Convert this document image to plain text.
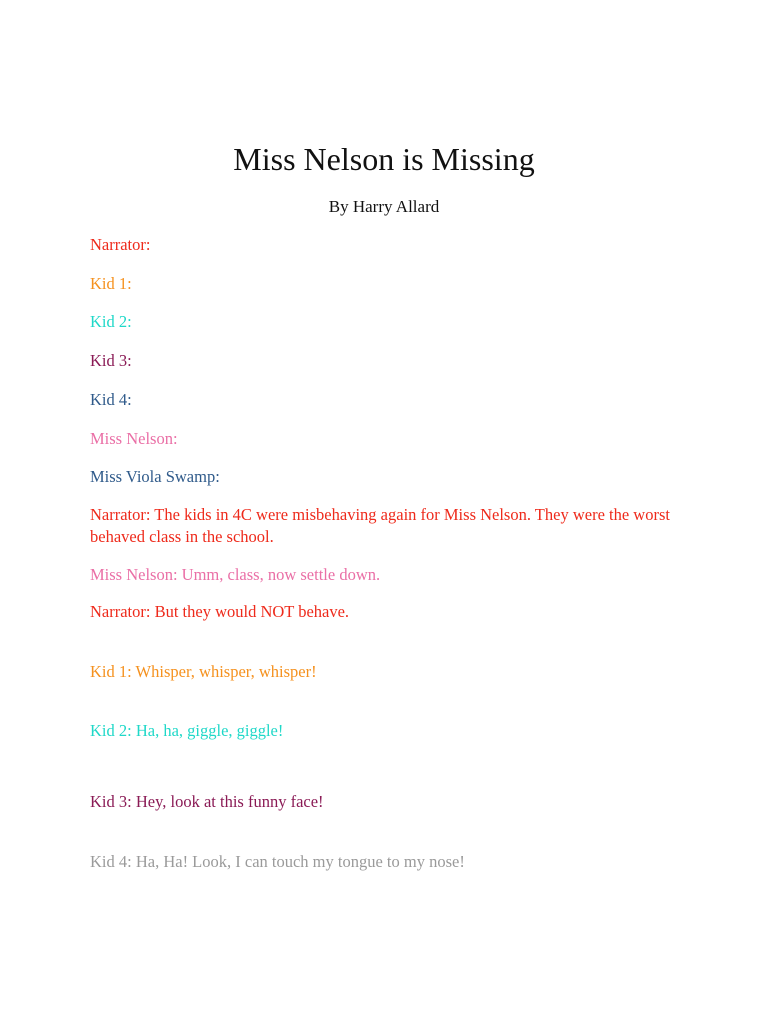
Miss Nelson is Missing
By Harry Allard
Narrator:
Kid 1:
Kid 2:
Kid 3:
Kid 4:
Miss Nelson:
Miss Viola Swamp:
Narrator: The kids in 4C were misbehaving again for Miss Nelson. They were the worst behaved class in the school.
Miss Nelson: Umm, class, now settle down.
Narrator: But they would NOT behave.
Kid 1: Whisper, whisper, whisper!
Kid 2: Ha, ha, giggle, giggle!
Kid 3: Hey, look at this funny face!
Kid 4: Ha, Ha! Look, I can touch my tongue to my nose!
